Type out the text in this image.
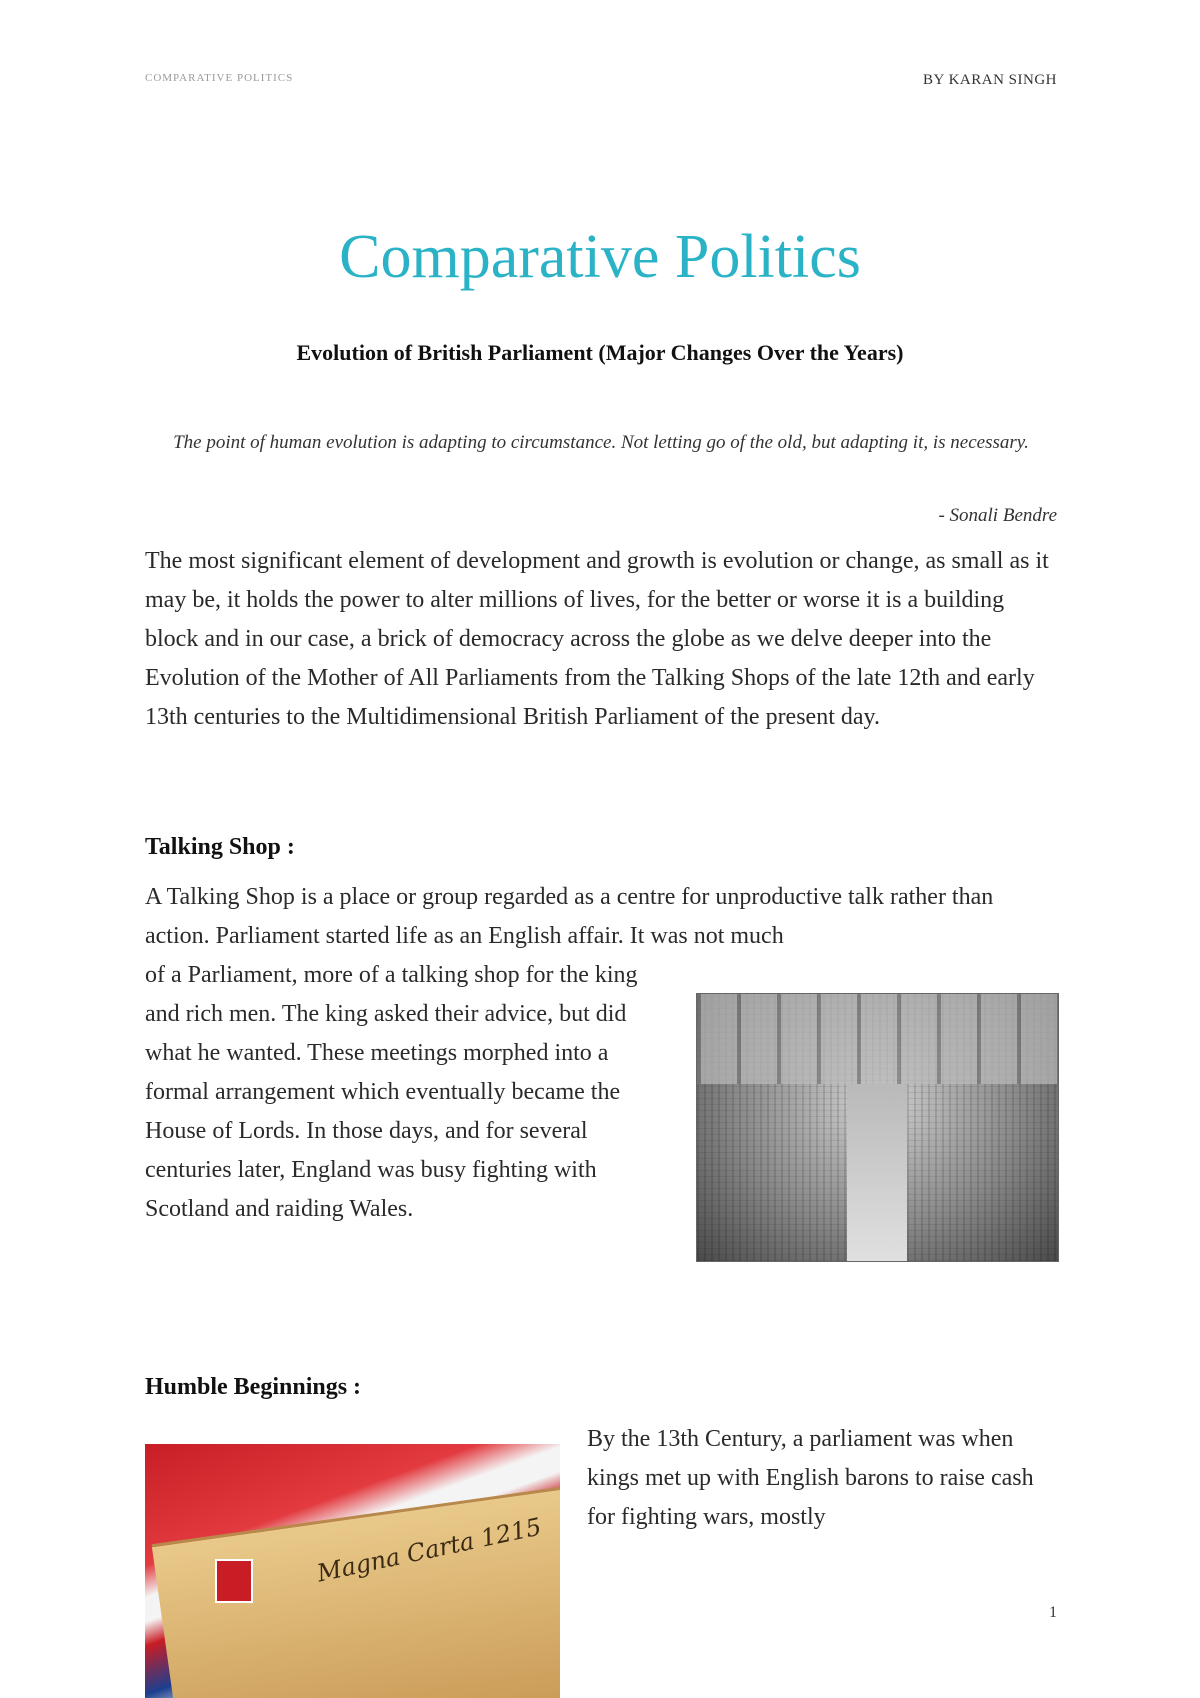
COMPARATIVE POLITICS	BY KARAN SINGH
Comparative Politics
Evolution of British Parliament (Major Changes Over the Years)
The point of human evolution is adapting to circumstance. Not letting go of the old, but adapting it, is necessary.
- Sonali Bendre
The most significant element of development and growth is evolution or change, as small as it may be, it holds the power to alter millions of lives, for the better or worse it is a building block and in our case, a brick of democracy across the globe as we delve deeper into the Evolution of the Mother of All Parliaments from the Talking Shops of the late 12th and early 13th centuries to the Multidimensional British Parliament of the present day.
Talking Shop :
A Talking Shop is a place or group regarded as a centre for unproductive talk rather than action. Parliament started life as an English affair. It was not much
of a Parliament, more of a talking shop for the king and rich men. The king asked their advice, but did what he wanted. These meetings morphed into a formal arrangement which eventually became the House of Lords. In those days, and for several centuries later, England was busy fighting with Scotland and raiding Wales.
Humble Beginnings :
By the 13th Century, a parliament was when kings met up with English barons to raise cash for fighting wars, mostly
Magna Carta 1215
1
